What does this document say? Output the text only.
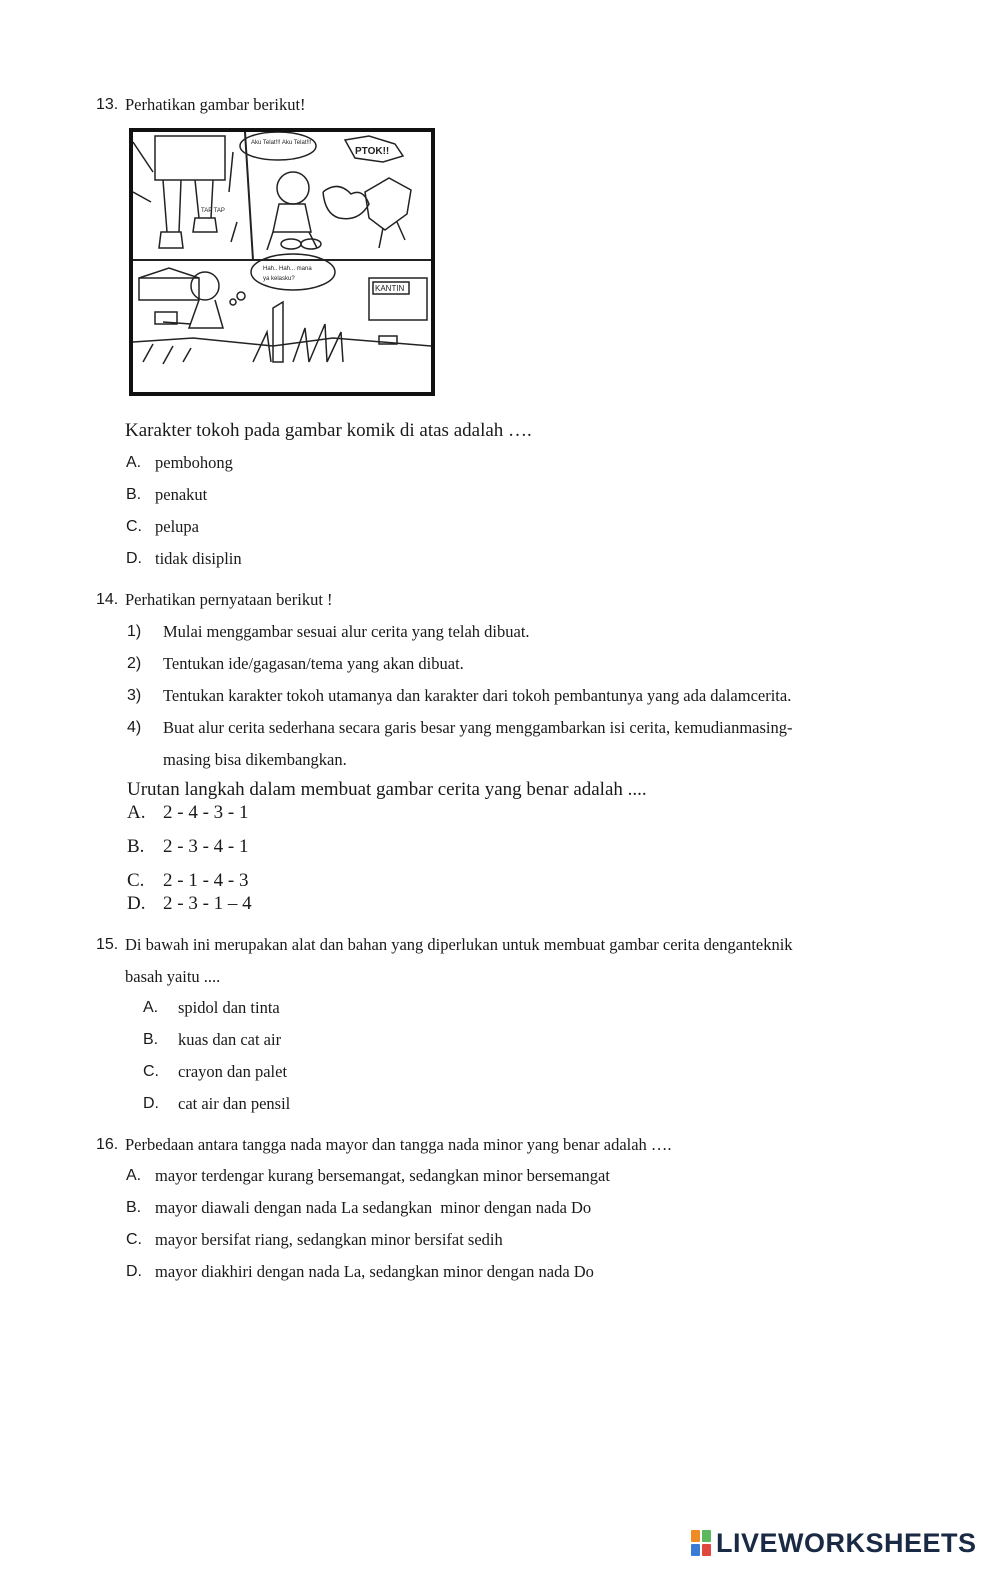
13. Perhatikan gambar berikut!
TAP TAP
Aku Telat!!! Aku Telat!!!
PTOK!!
Hah.. Hah... mana
ya kelasku?
KANTIN
Karakter tokoh pada gambar komik di atas adalah ….
A. pembohong
B. penakut
C. pelupa
D. tidak disiplin
14. Perhatikan pernyataan berikut !
1) Mulai menggambar sesuai alur cerita yang telah dibuat.
2) Tentukan ide/gagasan/tema yang akan dibuat.
3) Tentukan karakter tokoh utamanya dan karakter dari tokoh pembantunya yang ada dalamcerita.
4) Buat alur cerita sederhana secara garis besar yang menggambarkan isi cerita, kemudianmasing-
masing bisa dikembangkan.
Urutan langkah dalam membuat gambar cerita yang benar adalah ....
A. 2 - 4 - 3 - 1
B. 2 - 3 - 4 - 1
C. 2 - 1 - 4 - 3
D. 2 - 3 - 1 – 4
15. Di bawah ini merupakan alat dan bahan yang diperlukan untuk membuat gambar cerita denganteknik
basah yaitu ....
A. spidol dan tinta
B. kuas dan cat air
C. crayon dan palet
D. cat air dan pensil
16. Perbedaan antara tangga nada mayor dan tangga nada minor yang benar adalah ….
A. mayor terdengar kurang bersemangat, sedangkan minor bersemangat
B. mayor diawali dengan nada La sedangkan  minor dengan nada Do
C. mayor bersifat riang, sedangkan minor bersifat sedih
D. mayor diakhiri dengan nada La, sedangkan minor dengan nada Do
LIVEWORKSHEETS
